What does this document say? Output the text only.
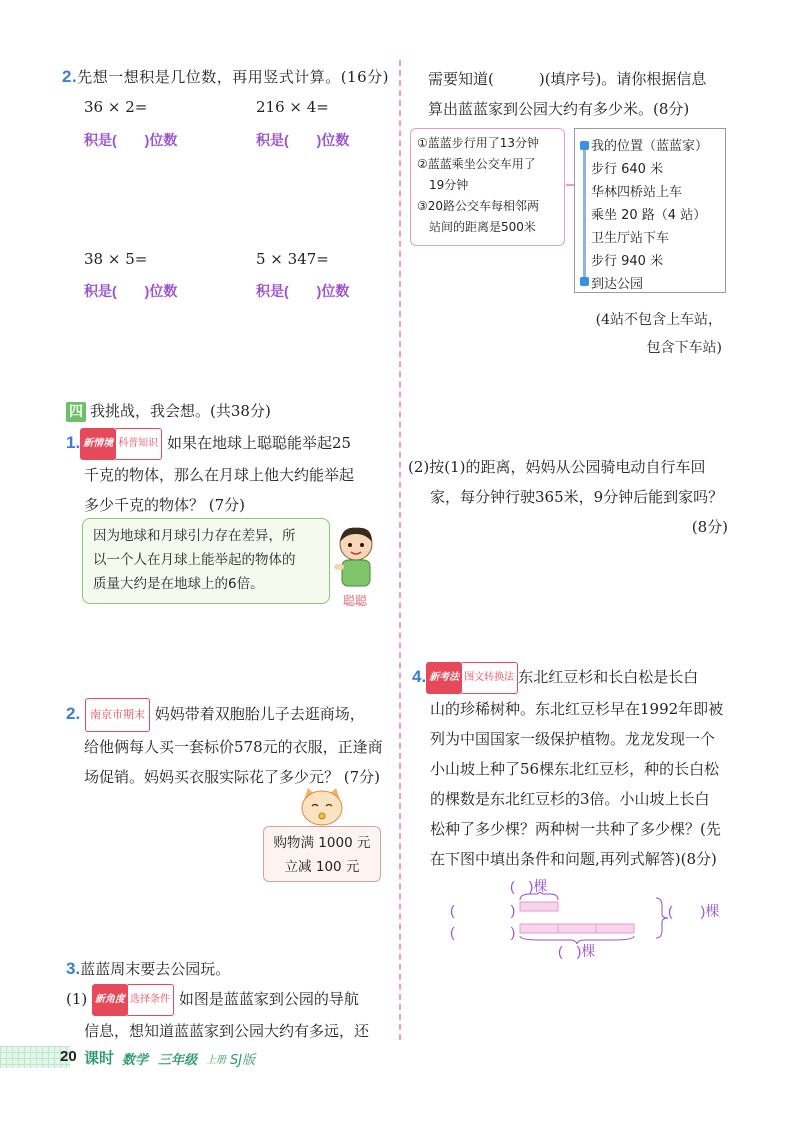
2.先想一想积是几位数，再用竖式计算。(16分)
36 × 2=
积是(　　)位数
216 × 4=
积是(　　)位数
38 × 5=
积是(　　)位数
5 × 347=
积是(　　)位数
四 我挑战，我会想。(共38分)
1. 新情境 科普知识 如果在地球上聪聪能举起25
千克的物体，那么在月球上他大约能举起
多少千克的物体？ (7分)
因为地球和月球引力存在差异，所
以一个人在月球上能举起的物体的
质量大约是在地球上的6倍。
聪聪
2. 南京市期末 妈妈带着双胞胎儿子去逛商场，
给他俩每人买一套标价578元的衣服，正逢商
场促销。妈妈买衣服实际花了多少元？ (7分)
购物满 1000 元
立减 100 元
3.蓝蓝周末要去公园玩。
(1) 新角度 选择条件 如图是蓝蓝家到公园的导航
信息，想知道蓝蓝家到公园大约有多远，还
需要知道(　　　)(填序号)。请你根据信息
算出蓝蓝家到公园大约有多少米。(8分)
①蓝蓝步行用了13分钟
②蓝蓝乘坐公交车用了
　19分钟
③20路公交车每相邻两
　站间的距离是500米
我的位置（蓝蓝家）
步行 640 米
华林四桥站上车
乘坐 20 路（4 站）
卫生厅站下车
步行 940 米
到达公园
(4站不包含上车站，
包含下车站)
(2)按(1)的距离，妈妈从公园骑电动自行车回
家，每分钟行驶365米，9分钟后能到家吗？
(8分)
4. 新考法 图文转换法 东北红豆杉和长白松是长白
山的珍稀树种。东北红豆杉早在1992年即被
列为中国国家一级保护植物。龙龙发现一个
小山坡上种了56棵东北红豆杉，种的长白松
的棵数是东北红豆杉的3倍。小山坡上长白
松种了多少棵？两种树一共种了多少棵？(先
在下图中填出条件和问题,再列式解答)(8分)
(　)棵
(　　　　)
(　　　　)
(　　)棵
(　)棵
20 课时 数学 三年级 上册 SJ版
